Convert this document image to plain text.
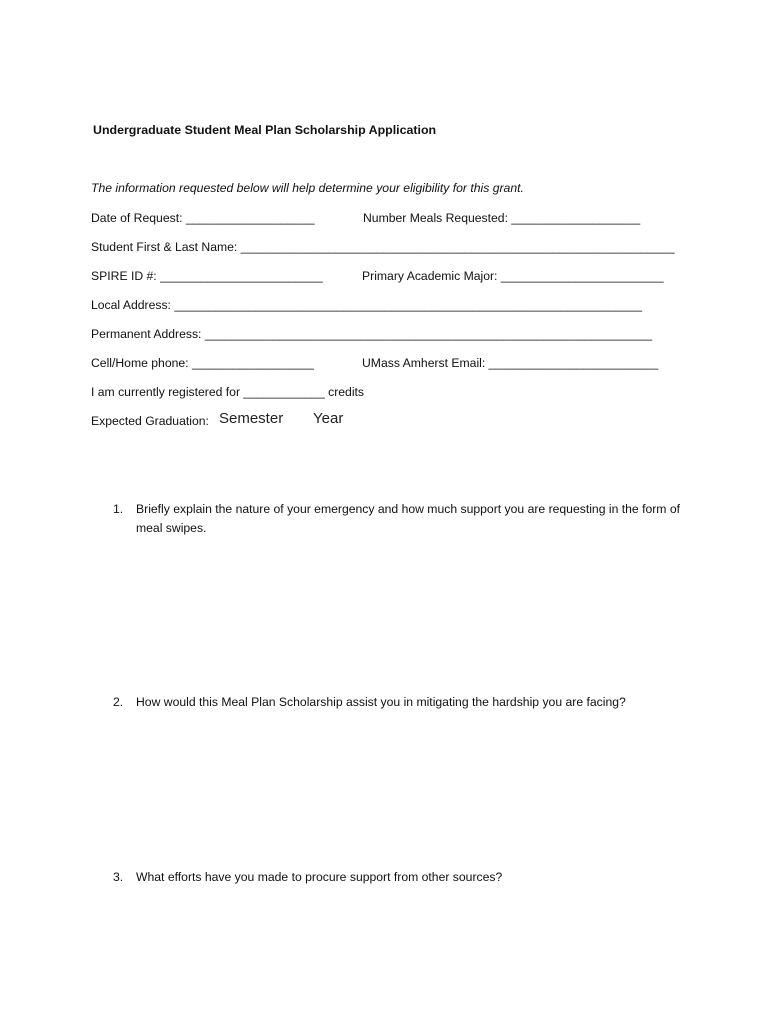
Undergraduate Student Meal Plan Scholarship Application
The information requested below will help determine your eligibility for this grant.
Date of Request: ___________________	Number Meals Requested: ___________________
Student First & Last Name: ________________________________________________________________
SPIRE ID #: ________________________	Primary Academic Major: ________________________
Local Address: _____________________________________________________________________
Permanent Address: __________________________________________________________________
Cell/Home phone: __________________	UMass Amherst Email: _________________________
I am currently registered for ____________ credits
Expected Graduation: Semester Year
1. Briefly explain the nature of your emergency and how much support you are requesting in the form of meal swipes.
2. How would this Meal Plan Scholarship assist you in mitigating the hardship you are facing?
3. What efforts have you made to procure support from other sources?
